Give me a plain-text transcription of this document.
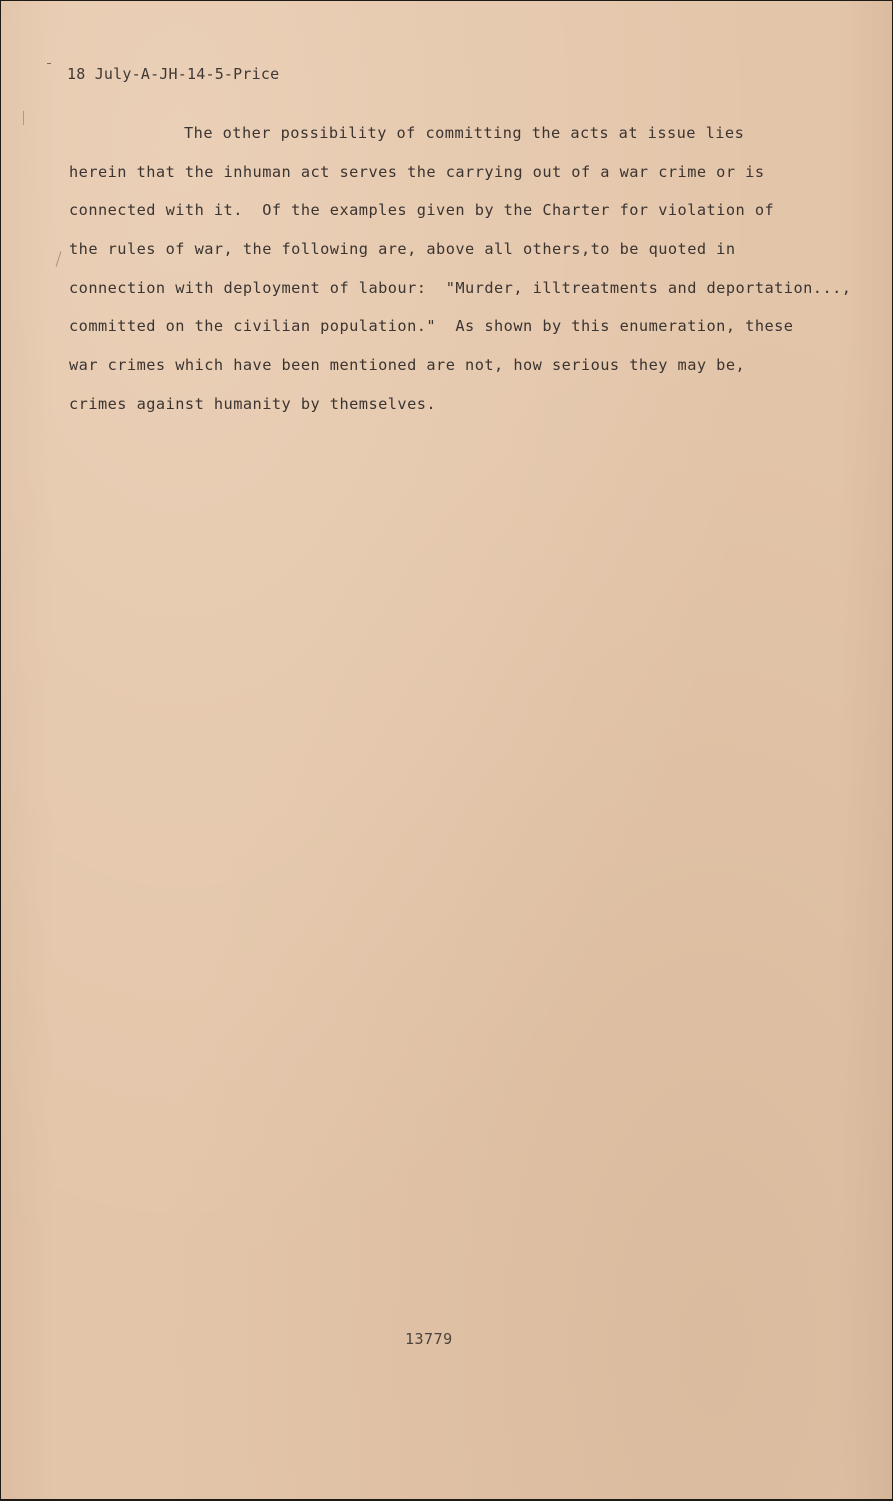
18 July-A-JH-14-5-Price
The other possibility of committing the acts at issue lies
herein that the inhuman act serves the carrying out of a war crime or is
connected with it.  Of the examples given by the Charter for violation of
the rules of war, the following are, above all others,to be quoted in
connection with deployment of labour:  "Murder, illtreatments and deportation...,
committed on the civilian population."  As shown by this enumeration, these
war crimes which have been mentioned are not, how serious they may be,
crimes against humanity by themselves.
13779
